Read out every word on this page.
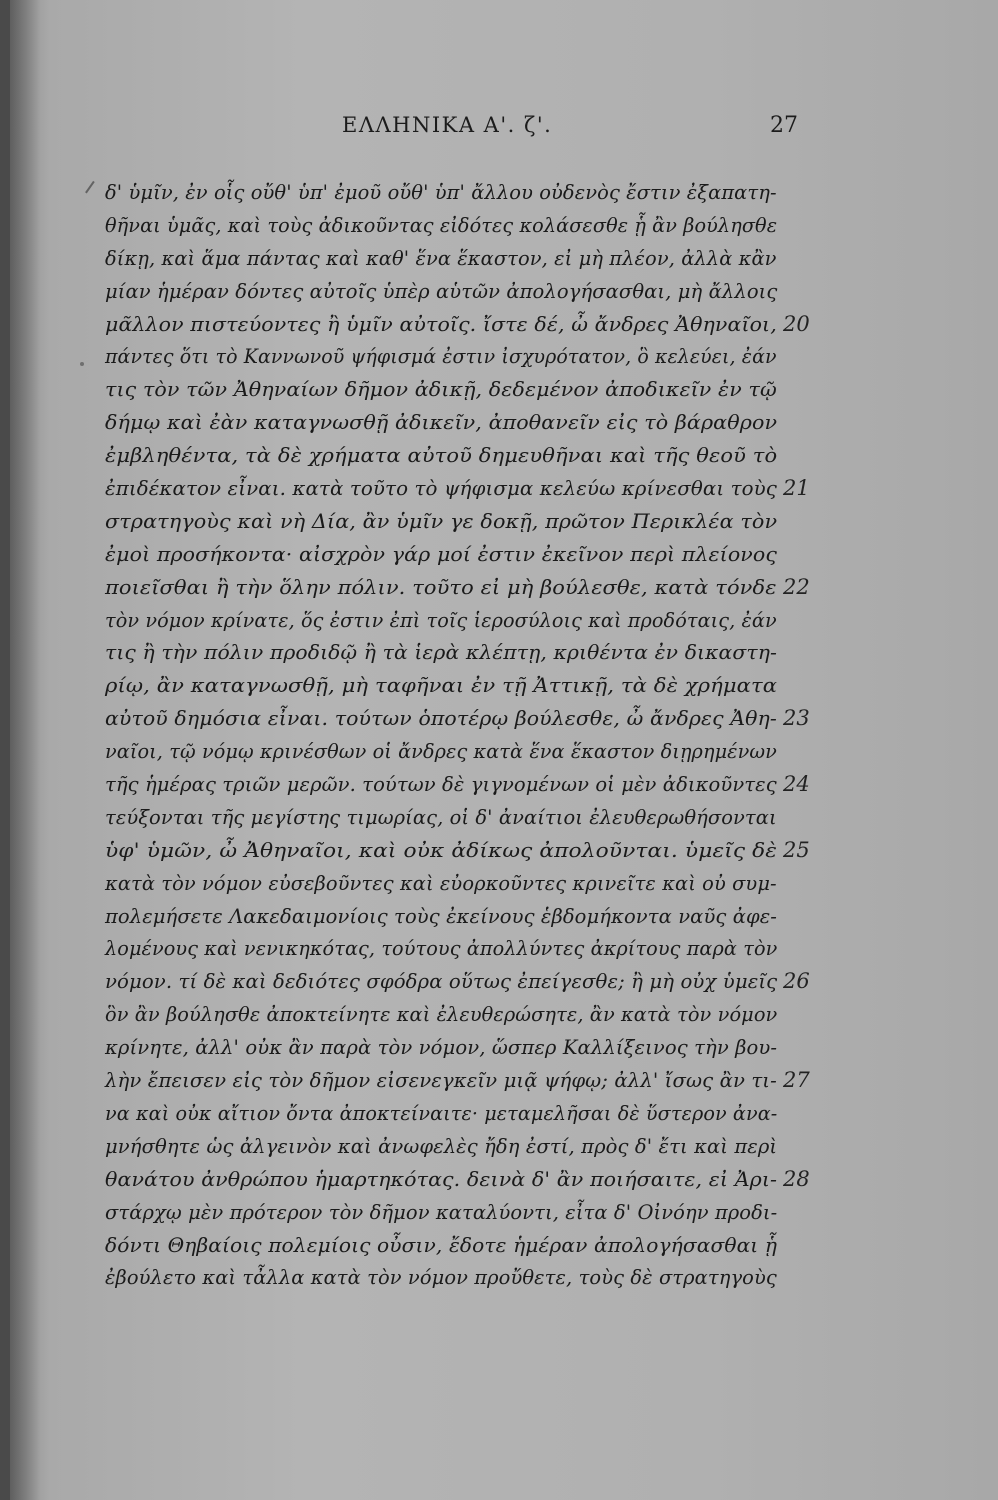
ΕΛΛΗΝΙΚΑ Α'. ζ'.	27
δ' ὑμῖν, ἐν οἷς οὔθ' ὑπ' ἐμοῦ οὔθ' ὑπ' ἄλλου οὐδενὸς ἔστιν ἐξαπατη-
θῆναι ὑμᾶς, καὶ τοὺς ἀδικοῦντας εἰδότες κολάσεσθε ᾗ ἂν βούλησθε
δίκῃ, καὶ ἅμα πάντας καὶ καθ' ἕνα ἕκαστον, εἰ μὴ πλέον, ἀλλὰ κἂν
μίαν ἡμέραν δόντες αὐτοῖς ὑπὲρ αὑτῶν ἀπολογήσασθαι, μὴ ἄλλοις
μᾶλλον πιστεύοντες ἢ ὑμῖν αὐτοῖς. ἴστε δέ, ὦ ἄνδρες Ἀθηναῖοι, 20
πάντες ὅτι τὸ Καννωνοῦ ψήφισμά ἐστιν ἰσχυρότατον, ὃ κελεύει, ἐάν
τις τὸν τῶν Ἀθηναίων δῆμον ἀδικῇ, δεδεμένον ἀποδικεῖν ἐν τῷ
δήμῳ καὶ ἐὰν καταγνωσθῇ ἀδικεῖν, ἀποθανεῖν εἰς τὸ βάραθρον
ἐμβληθέντα, τὰ δὲ χρήματα αὐτοῦ δημευθῆναι καὶ τῆς θεοῦ τὸ
ἐπιδέκατον εἶναι. κατὰ τοῦτο τὸ ψήφισμα κελεύω κρίνεσθαι τοὺς 21
στρατηγοὺς καὶ νὴ Δία, ἂν ὑμῖν γε δοκῇ, πρῶτον Περικλέα τὸν
ἐμοὶ προσήκοντα· αἰσχρὸν γάρ μοί ἐστιν ἐκεῖνον περὶ πλείονος
ποιεῖσθαι ἢ τὴν ὅλην πόλιν. τοῦτο εἰ μὴ βούλεσθε, κατὰ τόνδε 22
τὸν νόμον κρίνατε, ὅς ἐστιν ἐπὶ τοῖς ἱεροσύλοις καὶ προδόταις, ἐάν
τις ἢ τὴν πόλιν προδιδῷ ἢ τὰ ἱερὰ κλέπτῃ, κριθέντα ἐν δικαστη-
ρίῳ, ἂν καταγνωσθῇ, μὴ ταφῆναι ἐν τῇ Ἀττικῇ, τὰ δὲ χρήματα
αὐτοῦ δημόσια εἶναι. τούτων ὁποτέρῳ βούλεσθε, ὦ ἄνδρες Ἀθη- 23
ναῖοι, τῷ νόμῳ κρινέσθων οἱ ἄνδρες κατὰ ἕνα ἕκαστον διῃρημένων
τῆς ἡμέρας τριῶν μερῶν. τούτων δὲ γιγνομένων οἱ μὲν ἀδικοῦντες 24
τεύξονται τῆς μεγίστης τιμωρίας, οἱ δ' ἀναίτιοι ἐλευθερωθήσονται
ὑφ' ὑμῶν, ὦ Ἀθηναῖοι, καὶ οὐκ ἀδίκως ἀπολοῦνται. ὑμεῖς δὲ 25
κατὰ τὸν νόμον εὐσεβοῦντες καὶ εὐορκοῦντες κρινεῖτε καὶ οὐ συμ-
πολεμήσετε Λακεδαιμονίοις τοὺς ἐκείνους ἑβδομήκοντα ναῦς ἀφε-
λομένους καὶ νενικηκότας, τούτους ἀπολλύντες ἀκρίτους παρὰ τὸν
νόμον. τί δὲ καὶ δεδιότες σφόδρα οὕτως ἐπείγεσθε; ἢ μὴ οὐχ ὑμεῖς 26
ὃν ἂν βούλησθε ἀποκτείνητε καὶ ἐλευθερώσητε, ἂν κατὰ τὸν νόμον
κρίνητε, ἀλλ' οὐκ ἂν παρὰ τὸν νόμον, ὥσπερ Καλλίξεινος τὴν βου-
λὴν ἔπεισεν εἰς τὸν δῆμον εἰσενεγκεῖν μιᾷ ψήφῳ; ἀλλ' ἴσως ἂν τι- 27
να καὶ οὐκ αἴτιον ὄντα ἀποκτείναιτε· μεταμελῆσαι δὲ ὕστερον ἀνα-
μνήσθητε ὡς ἀλγεινὸν καὶ ἀνωφελὲς ἤδη ἐστί, πρὸς δ' ἔτι καὶ περὶ
θανάτου ἀνθρώπου ἡμαρτηκότας. δεινὰ δ' ἂν ποιήσαιτε, εἰ Ἀρι- 28
στάρχῳ μὲν πρότερον τὸν δῆμον καταλύοντι, εἶτα δ' Οἰνόην προδι-
δόντι Θηβαίοις πολεμίοις οὖσιν, ἔδοτε ἡμέραν ἀπολογήσασθαι ᾗ
ἐβούλετο καὶ τἆλλα κατὰ τὸν νόμον προὔθετε, τοὺς δὲ στρατηγοὺς
